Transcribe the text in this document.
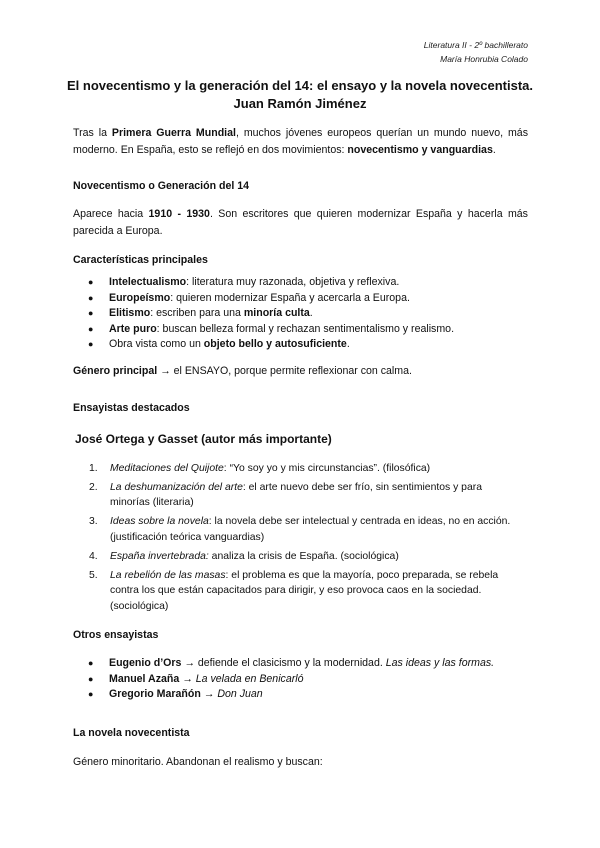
Literatura II - 2º bachillerato
María Honrubia Colado
El novecentismo y la generación del 14: el ensayo y la novela novecentista.
Juan Ramón Jiménez
Tras la Primera Guerra Mundial, muchos jóvenes europeos querían un mundo nuevo, más moderno. En España, esto se reflejó en dos movimientos: novecentismo y vanguardias.
Novecentismo o Generación del 14
Aparece hacia 1910 - 1930. Son escritores que quieren modernizar España y hacerla más parecida a Europa.
Características principales
● Intelectualismo: literatura muy razonada, objetiva y reflexiva.
● Europeísmo: quieren modernizar España y acercarla a Europa.
● Elitismo: escriben para una minoría culta.
● Arte puro: buscan belleza formal y rechazan sentimentalismo y realismo.
● Obra vista como un objeto bello y autosuficiente.
Género principal → el ENSAYO, porque permite reflexionar con calma.
Ensayistas destacados
José Ortega y Gasset (autor más importante)
1. Meditaciones del Quijote: “Yo soy yo y mis circunstancias”. (filosófica)
2. La deshumanización del arte: el arte nuevo debe ser frío, sin sentimientos y para minorías (literaria)
3. Ideas sobre la novela: la novela debe ser intelectual y centrada en ideas, no en acción. (justificación teórica vanguardias)
4. España invertebrada: analiza la crisis de España. (sociológica)
5. La rebelión de las masas: el problema es que la mayoría, poco preparada, se rebela contra los que están capacitados para dirigir, y eso provoca caos en la sociedad. (sociológica)
Otros ensayistas
● Eugenio d’Ors → defiende el clasicismo y la modernidad. Las ideas y las formas.
● Manuel Azaña → La velada en Benicarló
● Gregorio Marañón → Don Juan
La novela novecentista
Género minoritario. Abandonan el realismo y buscan:
